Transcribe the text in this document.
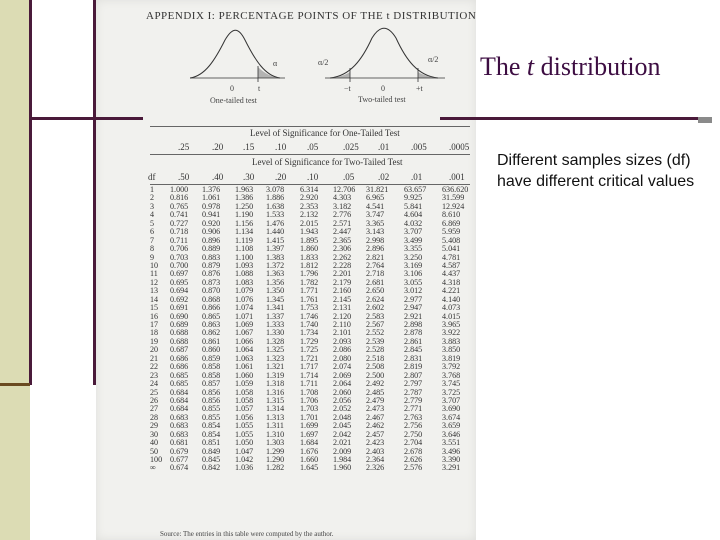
APPENDIX I: PERCENTAGE POINTS OF THE t DISTRIBUTION
α	α/2	α/2
0	t	−t	0	+t
One-tailed test	Two-tailed test
Level of Significance for One-Tailed Test
.25	.20 .15 .10 .05	.025 .01 .005 .0005
Level of Significance for Two-Tailed Test
df	.50	.40 .30 .20 .10	.05	.02 .01	.001
1 1.000 1.376 1.963 3.078 6.314 12.706 31.821 63.657 636.620
2 0.816 1.061 1.386 1.886 2.920 4.303 6.965 9.925 31.599
3 0.765 0.978 1.250 1.638 2.353 3.182 4.541 5.841 12.924
4 0.741 0.941 1.190 1.533 2.132 2.776 3.747 4.604 8.610
5 0.727 0.920 1.156 1.476 2.015 2.571 3.365 4.032 6.869
6 0.718 0.906 1.134 1.440 1.943 2.447 3.143 3.707 5.959
7 0.711 0.896 1.119 1.415 1.895 2.365 2.998 3.499 5.408
8 0.706 0.889 1.108 1.397 1.860 2.306 2.896 3.355 5.041
9 0.703 0.883 1.100 1.383 1.833 2.262 2.821 3.250 4.781
10 0.700 0.879 1.093 1.372 1.812 2.228 2.764 3.169 4.587
11 0.697 0.876 1.088 1.363 1.796 2.201 2.718 3.106 4.437
12 0.695 0.873 1.083 1.356 1.782 2.179 2.681 3.055 4.318
13 0.694 0.870 1.079 1.350 1.771 2.160 2.650 3.012 4.221
14 0.692 0.868 1.076 1.345 1.761 2.145 2.624 2.977 4.140
15 0.691 0.866 1.074 1.341 1.753 2.131 2.602 2.947 4.073
16 0.690 0.865 1.071 1.337 1.746 2.120 2.583 2.921 4.015
17 0.689 0.863 1.069 1.333 1.740 2.110 2.567 2.898 3.965
18 0.688 0.862 1.067 1.330 1.734 2.101 2.552 2.878 3.922
19 0.688 0.861 1.066 1.328 1.729 2.093 2.539 2.861 3.883
20 0.687 0.860 1.064 1.325 1.725 2.086 2.528 2.845 3.850
21 0.686 0.859 1.063 1.323 1.721 2.080 2.518 2.831 3.819
22 0.686 0.858 1.061 1.321 1.717 2.074 2.508 2.819 3.792
23 0.685 0.858 1.060 1.319 1.714 2.069 2.500 2.807 3.768
24 0.685 0.857 1.059 1.318 1.711 2.064 2.492 2.797 3.745
25 0.684 0.856 1.058 1.316 1.708 2.060 2.485 2.787 3.725
26 0.684 0.856 1.058 1.315 1.706 2.056 2.479 2.779 3.707
27 0.684 0.855 1.057 1.314 1.703 2.052 2.473 2.771 3.690
28 0.683 0.855 1.056 1.313 1.701 2.048 2.467 2.763 3.674
29 0.683 0.854 1.055 1.311 1.699 2.045 2.462 2.756 3.659
30 0.683 0.854 1.055 1.310 1.697 2.042 2.457 2.750 3.646
40 0.681 0.851 1.050 1.303 1.684 2.021 2.423 2.704 3.551
50 0.679 0.849 1.047 1.299 1.676 2.009 2.403 2.678 3.496
100 0.677 0.845 1.042 1.290 1.660 1.984 2.364 2.626 3.390
∞ 0.674 0.842 1.036 1.282 1.645 1.960 2.326 2.576 3.291
Source: The entries in this table were computed by the author.
The t distribution
Different samples sizes (df) have different critical values
